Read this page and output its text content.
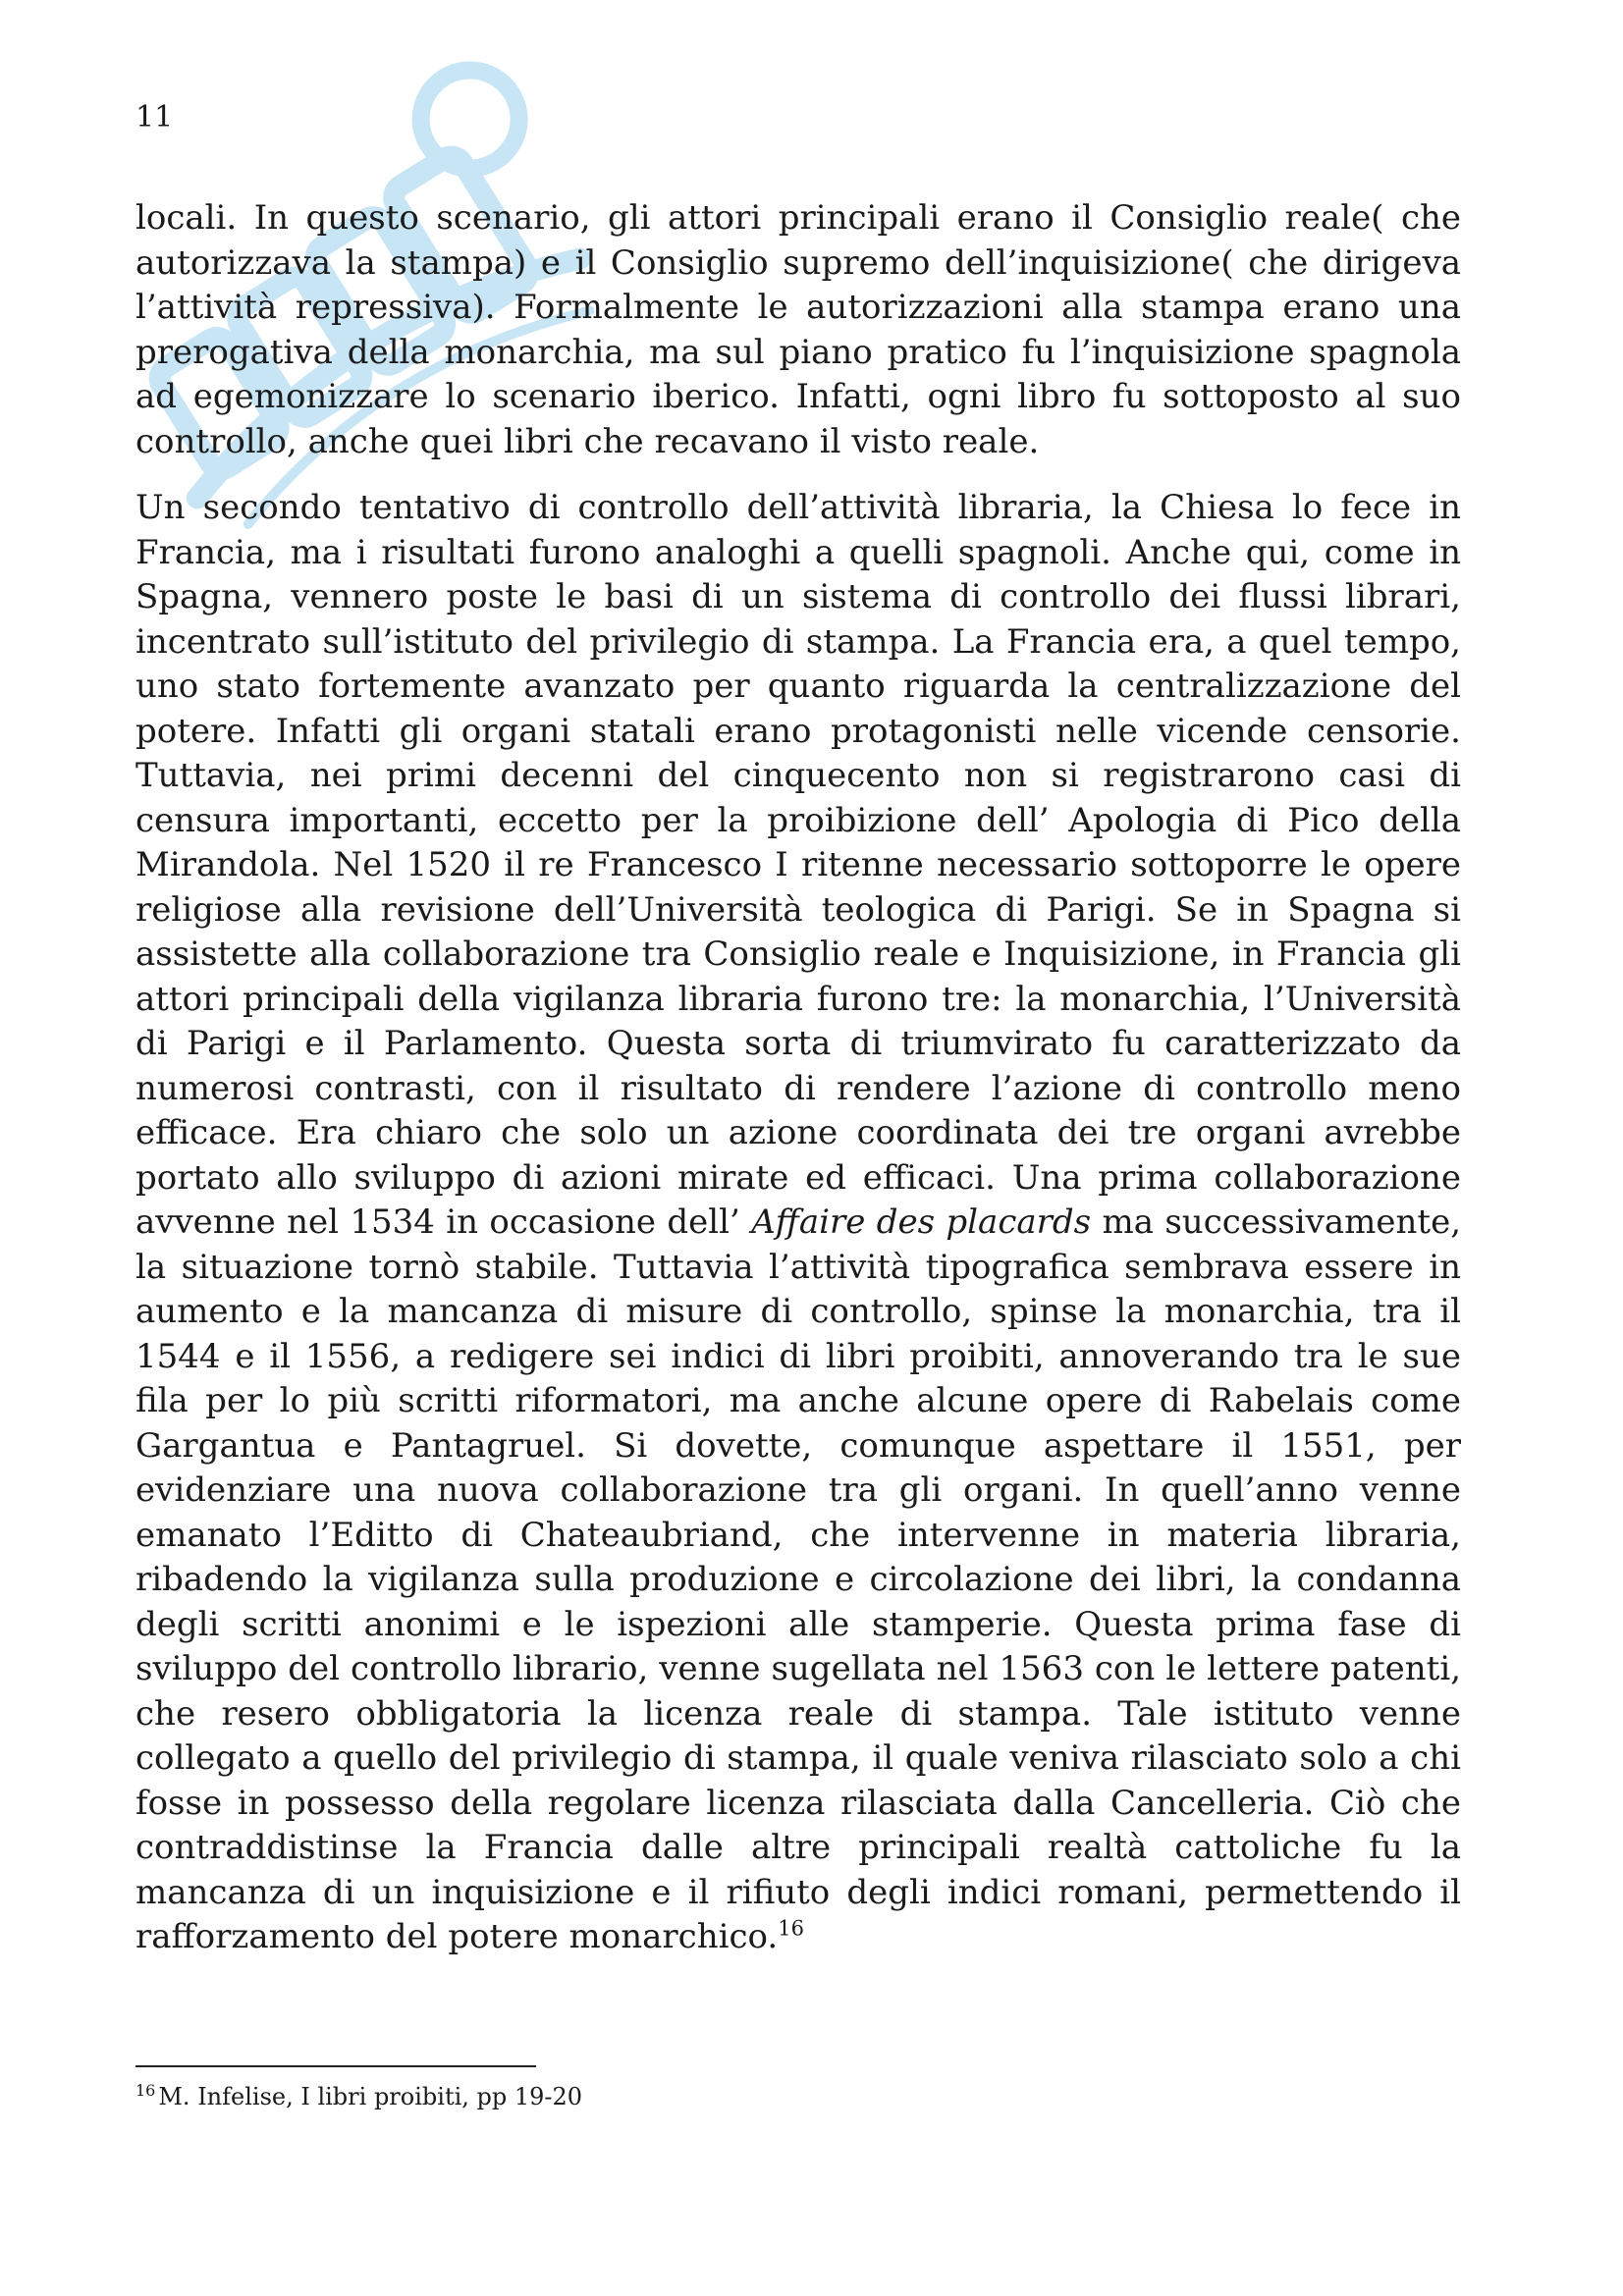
11

locali. In questo scenario, gli attori principali erano il Consiglio reale( che autorizzava la stampa) e il Consiglio supremo dell’inquisizione( che dirigeva l’attività repressiva). Formalmente le autorizzazioni alla stampa erano una prerogativa della monarchia, ma sul piano pratico fu l’inquisizione spagnola ad egemonizzare lo scenario iberico. Infatti, ogni libro fu sottoposto al suo controllo, anche quei libri che recavano il visto reale.

Un secondo tentativo di controllo dell’attività libraria, la Chiesa lo fece in Francia, ma i risultati furono analoghi a quelli spagnoli. Anche qui, come in Spagna, vennero poste le basi di un sistema di controllo dei flussi librari, incentrato sull’istituto del privilegio di stampa. La Francia era, a quel tempo, uno stato fortemente avanzato per quanto riguarda la centralizzazione del potere. Infatti gli organi statali erano protagonisti nelle vicende censorie. Tuttavia, nei primi decenni del cinquecento non si registrarono casi di censura importanti, eccetto per la proibizione dell’ Apologia di Pico della Mirandola. Nel 1520 il re Francesco I ritenne necessario sottoporre le opere religiose alla revisione dell’Università teologica di Parigi. Se in Spagna si assistette alla collaborazione tra Consiglio reale e Inquisizione, in Francia gli attori principali della vigilanza libraria furono tre: la monarchia, l’Università di Parigi e il Parlamento. Questa sorta di triumvirato fu caratterizzato da numerosi contrasti, con il risultato di rendere l’azione di controllo meno efficace. Era chiaro che solo un azione coordinata dei tre organi avrebbe portato allo sviluppo di azioni mirate ed efficaci. Una prima collaborazione avvenne nel 1534 in occasione dell’ Affaire des placards ma successivamente, la situazione tornò stabile. Tuttavia l’attività tipografica sembrava essere in aumento e la mancanza di misure di controllo, spinse la monarchia, tra il 1544 e il 1556, a redigere sei indici di libri proibiti, annoverando tra le sue fila per lo più scritti riformatori, ma anche alcune opere di Rabelais come Gargantua e Pantagruel. Si dovette, comunque aspettare il 1551, per evidenziare una nuova collaborazione tra gli organi. In quell’anno venne emanato l’Editto di Chateaubriand, che intervenne in materia libraria, ribadendo la vigilanza sulla produzione e circolazione dei libri, la condanna degli scritti anonimi e le ispezioni alle stamperie. Questa prima fase di sviluppo del controllo librario, venne sugellata nel 1563 con le lettere patenti, che resero obbligatoria la licenza reale di stampa. Tale istituto venne collegato a quello del privilegio di stampa, il quale veniva rilasciato solo a chi fosse in possesso della regolare licenza rilasciata dalla Cancelleria. Ciò che contraddistinse la Francia dalle altre principali realtà cattoliche fu la mancanza di un inquisizione e il rifiuto degli indici romani, permettendo il rafforzamento del potere monarchico.$^{16}$

$^{16}$ M. Infelise, I libri proibiti, pp 19-20
